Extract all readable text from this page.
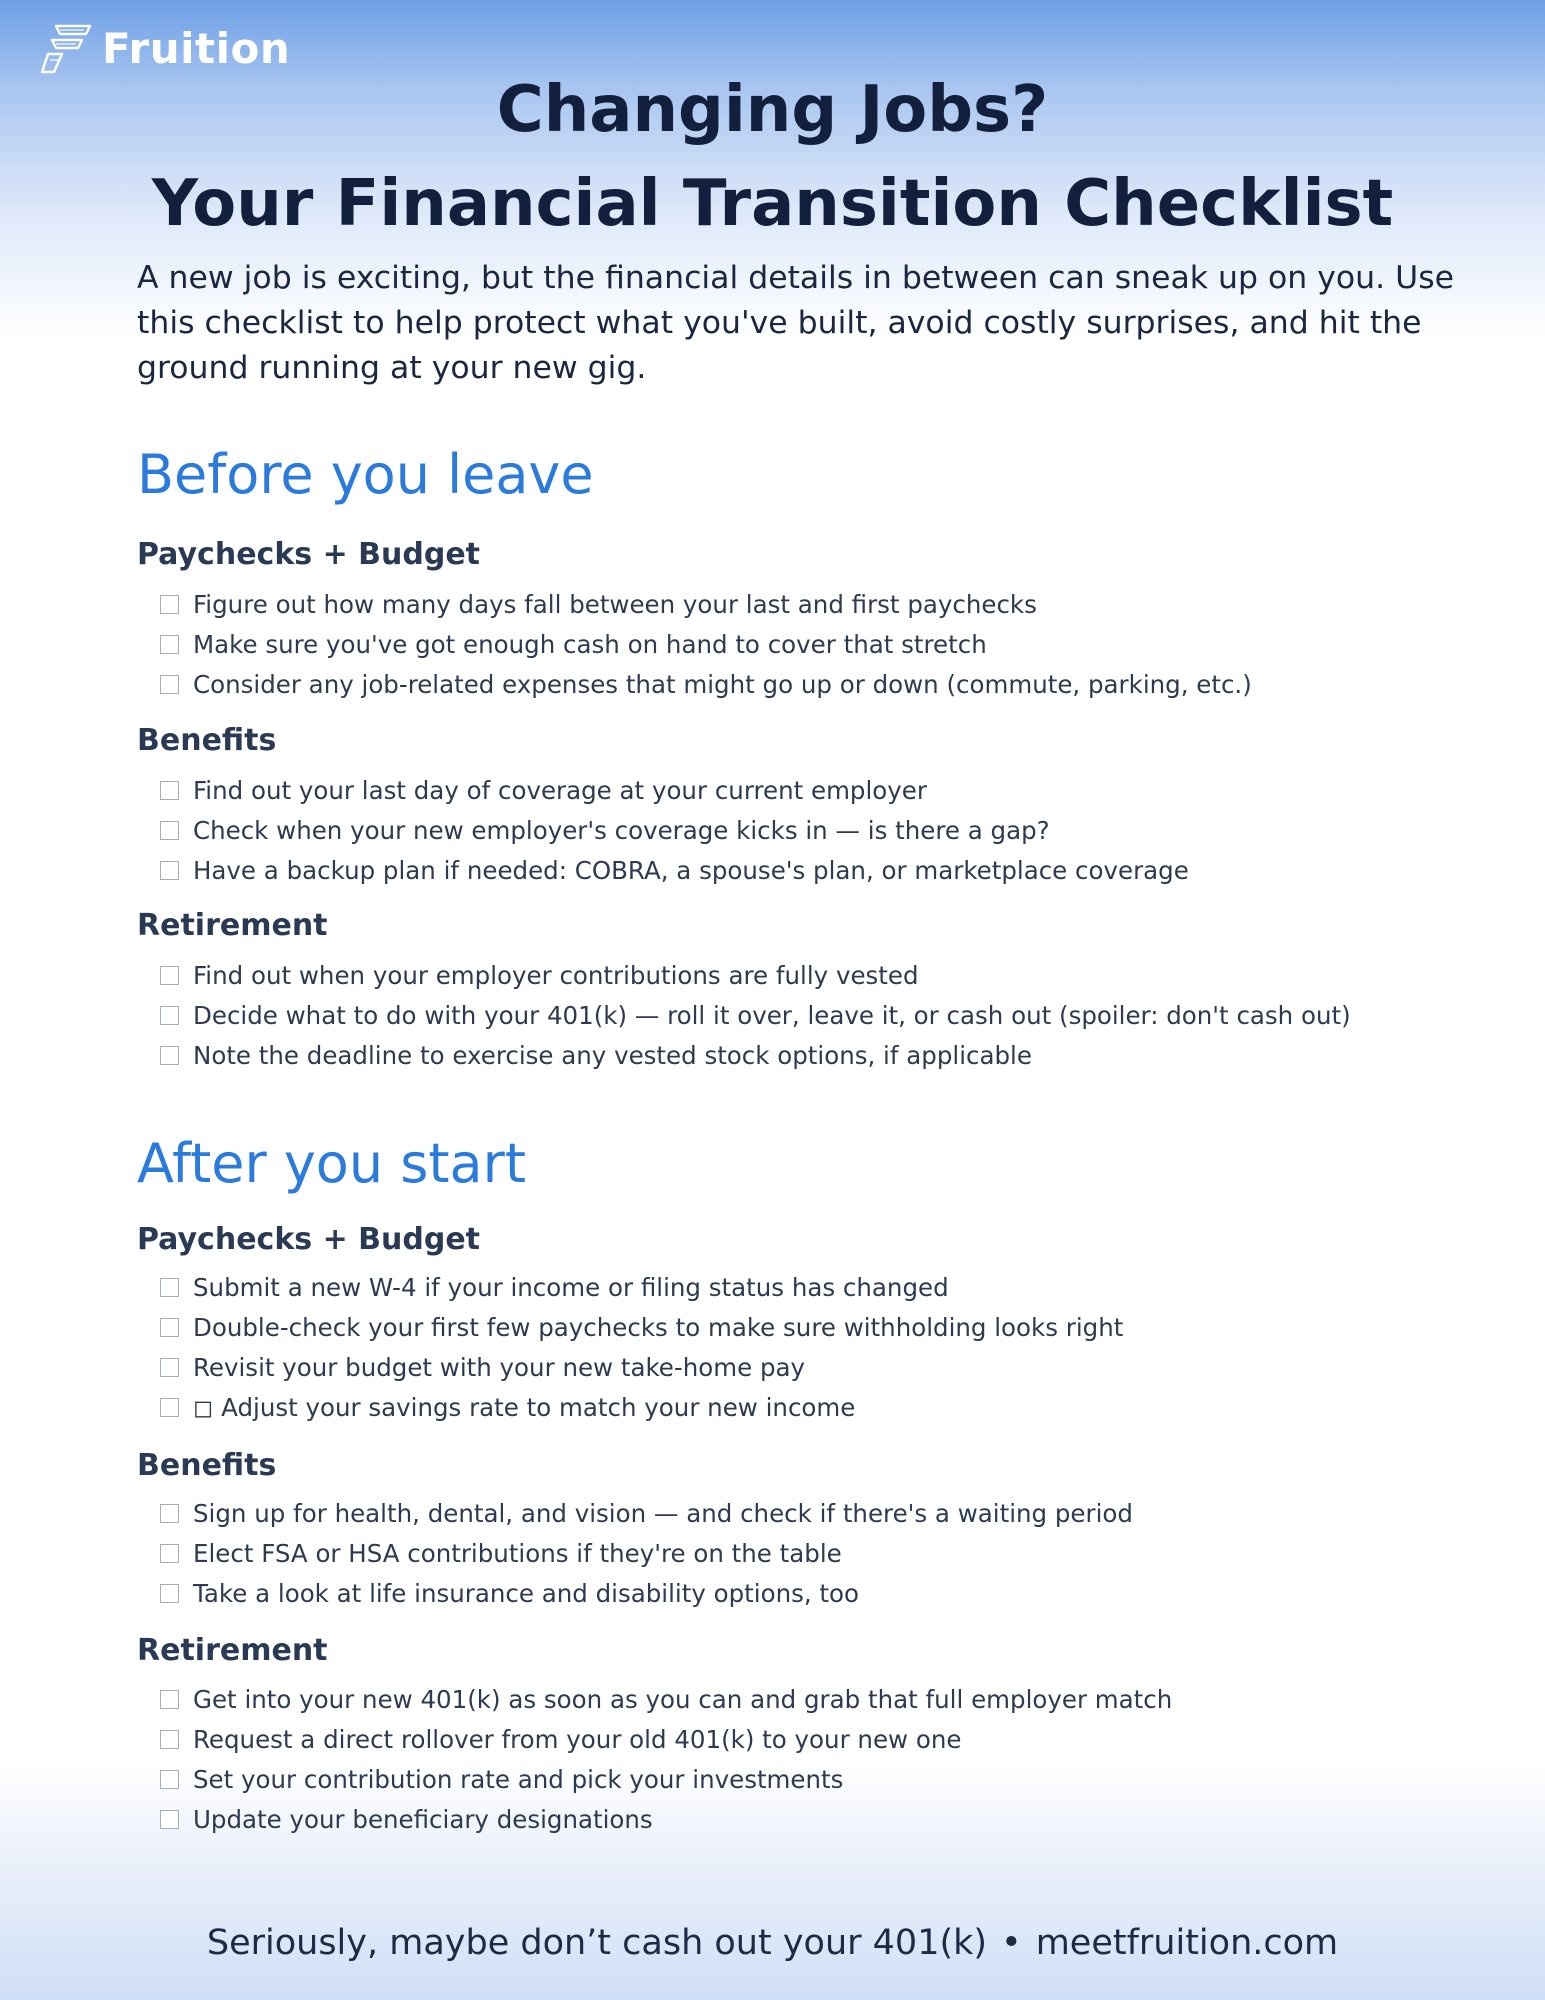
Fruition
Changing Jobs?
Your Financial Transition Checklist
A new job is exciting, but the financial details in between can sneak up on you. Use this checklist to help protect what you've built, avoid costly surprises, and hit the ground running at your new gig.
Before you leave
Paychecks + Budget
Figure out how many days fall between your last and first paychecks
Make sure you've got enough cash on hand to cover that stretch
Consider any job-related expenses that might go up or down (commute, parking, etc.)
Benefits
Find out your last day of coverage at your current employer
Check when your new employer's coverage kicks in — is there a gap?
Have a backup plan if needed: COBRA, a spouse's plan, or marketplace coverage
Retirement
Find out when your employer contributions are fully vested
Decide what to do with your 401(k) — roll it over, leave it, or cash out (spoiler: don't cash out)
Note the deadline to exercise any vested stock options, if applicable
After you start
Paychecks + Budget
Submit a new W-4 if your income or filing status has changed
Double-check your first few paychecks to make sure withholding looks right
Revisit your budget with your new take-home pay
◻ Adjust your savings rate to match your new income
Benefits
Sign up for health, dental, and vision — and check if there's a waiting period
Elect FSA or HSA contributions if they're on the table
Take a look at life insurance and disability options, too
Retirement
Get into your new 401(k) as soon as you can and grab that full employer match
Request a direct rollover from your old 401(k) to your new one
Set your contribution rate and pick your investments
Update your beneficiary designations
Seriously, maybe don’t cash out your 401(k) • meetfruition.com
